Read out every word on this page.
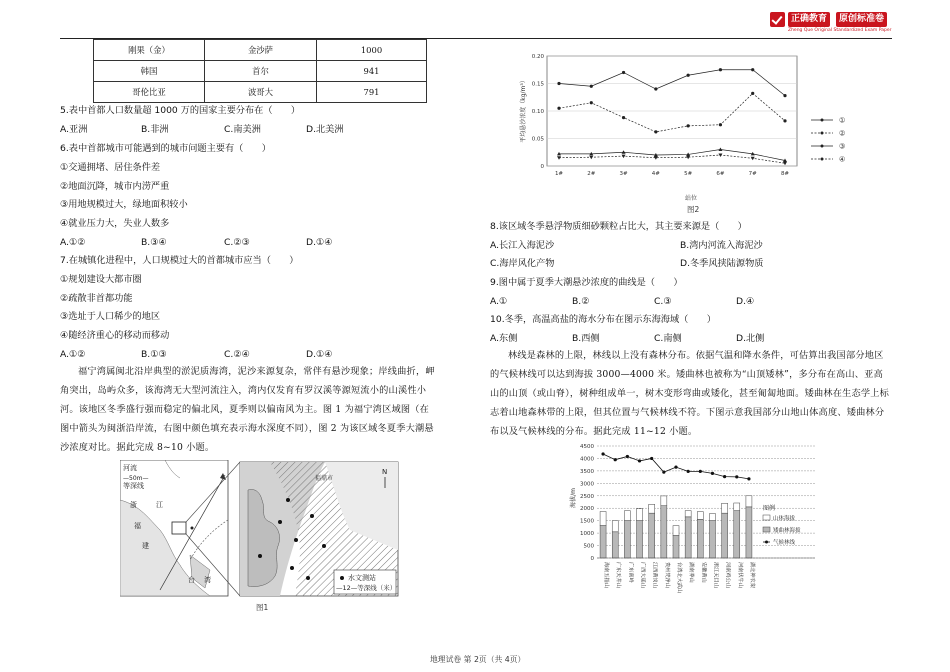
正确教育	原创标准卷
Zheng Que Original Standardized Exam Paper
刚果（金）	金沙萨	1000
韩国	首尔	941
哥伦比亚	波哥大	791
5.表中首都人口数量超 1000 万的国家主要分布在（　　）
A.亚洲	B.非洲	C.南美洲	D.北美洲
6.表中首都城市可能遇到的城市问题主要有（　　）
①交通拥堵、居住条件差
②地面沉降，城市内涝严重
③用地规模过大，绿地面积较小
④就业压力大，失业人数多
A.①②	B.③④	C.②③	D.①④
7.在城镇化进程中，人口规模过大的首都城市应当（　　）
①规划建设大都市圈
②疏散非首都功能
③选址于人口稀少的地区
④随经济重心的移动而移动
A.①②	B.①③	C.②④	D.①④
福宁湾属闽北沿岸典型的淤泥质海湾，泥沙来源复杂，常伴有悬沙现象；岸线曲折，岬角突出，岛屿众多，该海湾无大型河流注入，湾内仅发育有罗汉溪等源短流小的山溪性小河。该地区冬季盛行强而稳定的偏北风，夏季则以偏南风为主。图 1 为福宁湾区域图（在图中箭头为闽浙沿岸流，右图中颜色填充表示海水深度不同），图 2 为该区域冬夏季大潮悬沙浓度对比。据此完成 8~10 小题。
河流
—50m—
等深线
浙	江
福
建
台 湾
福鼎市
N
水文测站
—12—等深线（米）
图1
0
0.05
0.10
0.15
0.20
1#	2#	3#	4#	5#	6#	7#	8#
①
②
③
④
平均悬沙浓度（kg/m³）
站位
图2
8.该区域冬季悬浮物质细砂颗粒占比大，其主要来源是（　　）
A.长江入海泥沙	B.湾内河流入海泥沙
C.海岸风化产物	D.冬季风挟陆源物质
9.图中属于夏季大潮悬沙浓度的曲线是（　　）
A.①	B.②	C.③	D.④
10.冬季，高温高盐的海水分布在图示东海海域（　　）
A.东侧	B.西侧	C.南侧	D.北侧
林线是森林的上限，林线以上没有森林分布。依据气温和降水条件，可估算出我国部分地区的气候林线可以达到海拔 3000—4000 米。矮曲林也被称为“山顶矮林”，多分布在高山、亚高山的山顶（或山脊），树种组成单一，树木变形弯曲或矮化，甚至匍匐地面。矮曲林在生态学上标志着山地森林带的上限，但其位置与气候林线不符。下图示意我国部分山地山体高度、矮曲林分布以及气候林线的分布。据此完成 11~12 小题。
0
500
1000
1500
2000
2500
3000
3500
4000
4500
海南五指山	广东天井山	广东南岭	广西大瑶山	江西黄岗山	贵州梵净山	台湾北大武山	湖南莽山	安徽黄山	浙江天目山	河南鸡公山	河南伏牛山	湖北神农架
图例
山体海拔
矮曲林海拔
气候林线
海拔/m
地理试卷 第 2页（共 4页）
